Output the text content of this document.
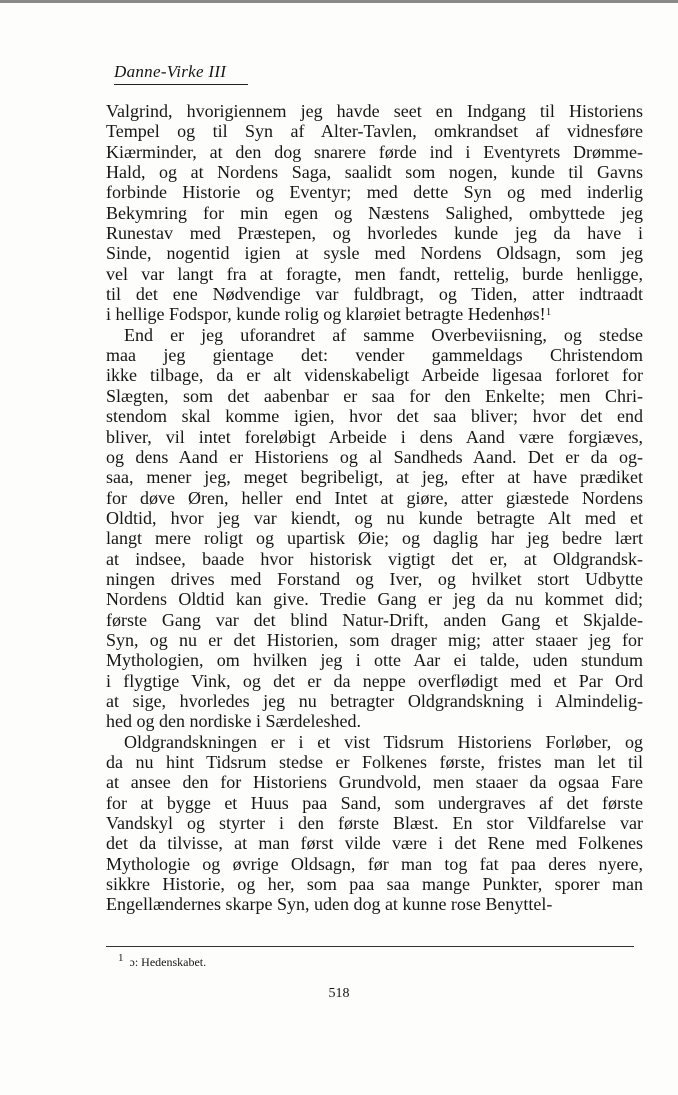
Danne-Virke III
Valgrind, hvorigiennem jeg havde seet en Indgang til Historiens
Tempel og til Syn af Alter-Tavlen, omkrandset af vidnesføre
Kiærminder, at den dog snarere førde ind i Eventyrets Drømme-
Hald, og at Nordens Saga, saalidt som nogen, kunde til Gavns
forbinde Historie og Eventyr; med dette Syn og med inderlig
Bekymring for min egen og Næstens Salighed, ombyttede jeg
Runestav med Præstepen, og hvorledes kunde jeg da have i
Sinde, nogentid igien at sysle med Nordens Oldsagn, som jeg
vel var langt fra at foragte, men fandt, rettelig, burde henligge,
til det ene Nødvendige var fuldbragt, og Tiden, atter indtraadt
i hellige Fodspor, kunde rolig og klarøiet betragte Hedenhøs!$^1$
End er jeg uforandret af samme Overbeviisning, og stedse
maa jeg gientage det: vender gammeldags Christendom
ikke tilbage, da er alt videnskabeligt Arbeide ligesaa forloret for
Slægten, som det aabenbar er saa for den Enkelte; men Chri-
stendom skal komme igien, hvor det saa bliver; hvor det end
bliver, vil intet foreløbigt Arbeide i dens Aand være forgiæves,
og dens Aand er Historiens og al Sandheds Aand. Det er da og-
saa, mener jeg, meget begribeligt, at jeg, efter at have prædiket
for døve Øren, heller end Intet at giøre, atter giæstede Nordens
Oldtid, hvor jeg var kiendt, og nu kunde betragte Alt med et
langt mere roligt og upartisk Øie; og daglig har jeg bedre lært
at indsee, baade hvor historisk vigtigt det er, at Oldgrandsk-
ningen drives med Forstand og Iver, og hvilket stort Udbytte
Nordens Oldtid kan give. Tredie Gang er jeg da nu kommet did;
første Gang var det blind Natur-Drift, anden Gang et Skjalde-
Syn, og nu er det Historien, som drager mig; atter staaer jeg for
Mythologien, om hvilken jeg i otte Aar ei talde, uden stundum
i flygtige Vink, og det er da neppe overflødigt med et Par Ord
at sige, hvorledes jeg nu betragter Oldgrandskning i Almindelig-
hed og den nordiske i Særdeleshed.
Oldgrandskningen er i et vist Tidsrum Historiens Forløber, og
da nu hint Tidsrum stedse er Folkenes første, fristes man let til
at ansee den for Historiens Grundvold, men staaer da ogsaa Fare
for at bygge et Huus paa Sand, som undergraves af det første
Vandskyl og styrter i den første Blæst. En stor Vildfarelse var
det da tilvisse, at man først vilde være i det Rene med Folkenes
Mythologie og øvrige Oldsagn, før man tog fat paa deres nyere,
sikkre Historie, og her, som paa saa mange Punkter, sporer man
Engellændernes skarpe Syn, uden dog at kunne rose Benyttel-
$^1$ ɔ: Hedenskabet.
518
